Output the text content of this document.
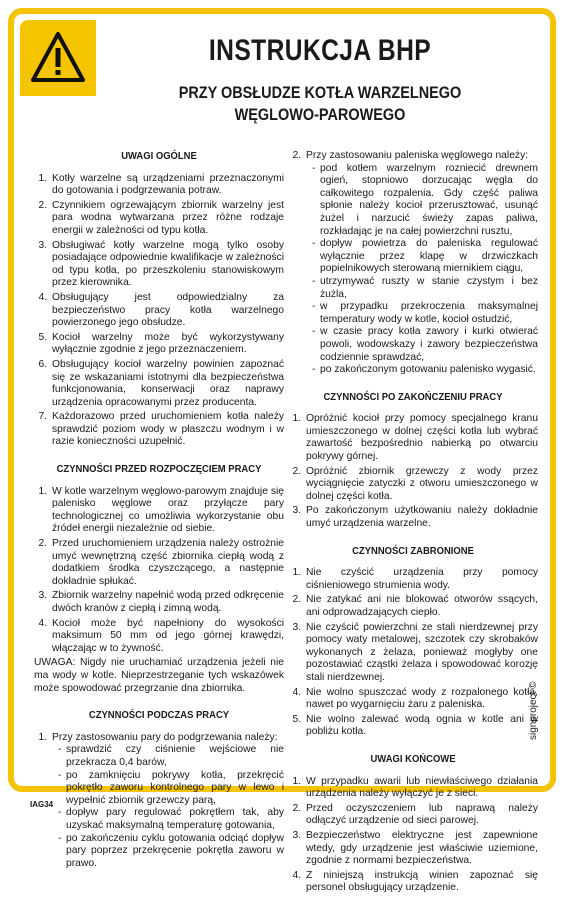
INSTRUKCJA BHP
PRZY OBSŁUDZE KOTŁA WARZELNEGO
WĘGLOWO-PAROWEGO
UWAGI OGÓLNE
1. Kotły warzelne są urządzeniami przeznaczonymi do gotowania i podgrzewania potraw.
2. Czynnikiem ogrzewającym zbiornik warzelny jest para wodna wytwarzana przez różne rodzaje energii w zależności od typu kotła.
3. Obsługiwać kotły warzelne mogą tylko osoby posiadające odpowiednie kwalifikacje w zależności od typu kotła, po przeszkoleniu stanowiskowym przez kierownika.
4. Obsługujący jest odpowiedzialny za bezpieczeństwo pracy kotła warzelnego powierzonego jego obsłudze.
5. Kocioł warzelny może być wykorzystywany wyłącznie zgodnie z jego przeznaczeniem.
6. Obsługujący kocioł warzelny powinien zapoznać się ze wskazaniami istotnymi dla bezpieczeństwa funkcjonowania, konserwacji oraz naprawy urządzenia opracowanymi przez producenta.
7. Każdorazowo przed uruchomieniem kotła należy sprawdzić poziom wody w płaszczu wodnym i w razie konieczności uzupełnić.
CZYNNOŚCI PRZED ROZPOCZĘCIEM PRACY
1. W kotle warzelnym węglowo-parowym znajduje się palenisko węglowe oraz przyłącze pary technologicznej co umożliwia wykorzystanie obu źródeł energii niezależnie od siebie.
2. Przed uruchomieniem urządzenia należy ostrożnie umyć wewnętrzną część zbiornika ciepłą wodą z dodatkiem środka czyszczącego, a następnie dokładnie spłukać.
3. Zbiornik warzelny napełnić wodą przed odkręcenie dwóch kranów z ciepłą i zimną wodą.
4. Kocioł może być napełniony do wysokości maksimum 50 mm od jego górnej krawędzi, włączając w to żywność.

UWAGA: Nigdy nie uruchamiać urządzenia jeżeli nie ma wody w kotle. Nieprzestrzeganie tych wskazówek może spowodować przegrzanie dna zbiornika.

CZYNNOŚCI PODCZAS PRACY
1. Przy zastosowaniu pary do podgrzewania należy:
- sprawdzić czy ciśnienie wejściowe nie przekracza 0,4 barów,
- po zamknięciu pokrywy kotła, przekręcić pokrętło zaworu kontrolnego pary w lewo i wypełnić zbiornik grzewczy parą,
- dopływ pary regulować pokrętłem tak, aby uzyskać maksymalną temperaturę gotowania,
- po zakończeniu cyklu gotowania odciąć dopływ pary poprzez przekręcenie pokrętła zaworu w prawo.
2. Przy zastosowaniu paleniska węglowego należy:
- pod kotłem warzelnym rozniecić drewnem ogień, stopniowo dorzucając węgla do całkowitego rozpalenia. Gdy część paliwa spłonie należy kocioł przerusztować, usunąć żużel i narzucić świeży zapas paliwa, rozkładając je na całej powierzchni rusztu,
- dopływ powietrza do paleniska regulować wyłącznie przez klapę w drzwiczkach popielnikowych sterowaną miernikiem ciągu,
- utrzymywać ruszty w stanie czystym i bez żużla,
- w przypadku przekroczenia maksymalnej temperatury wody w kotle, kocioł ostudzić,
- w czasie pracy kotła zawory i kurki otwierać powoli, wodowskazy i zawory bezpieczeństwa codziennie sprawdzać,
- po zakończonym gotowaniu palenisko wygasić.
CZYNNOŚCI PO ZAKOŃCZENIU PRACY
1. Opróżnić kocioł przy pomocy specjalnego kranu umieszczonego w dolnej części kotła lub wybrać zawartość bezpośrednio nabierką po otwarciu pokrywy górnej.
2. Opróżnić zbiornik grzewczy z wody przez wyciągnięcie zatyczki z otworu umieszczonego w dolnej części kotła.
3. Po zakończonym użytkowaniu należy dokładnie umyć urządzenia warzelne.
CZYNNOŚCI ZABRONIONE
1. Nie czyścić urządzenia przy pomocy ciśnieniowego strumienia wody.
2. Nie zatykać ani nie blokować otworów ssących, ani odprowadzających ciepło.
3. Nie czyścić powierzchni ze stali nierdzewnej przy pomocy waty metalowej, szczotek czy skrobaków wykonanych z żelaza, ponieważ mogłyby one pozostawiać cząstki żelaza i spowodować korozję stali nierdzewnej.
4. Nie wolno spuszczać wody z rozpalonego kotła, nawet po wygarnięciu żaru z paleniska.
5. Nie wolno zalewać wodą ognia w kotle ani w pobliżu kotła.
UWAGI KOŃCOWE
1. W przypadku awarii lub niewłaściwego działania urządzenia należy wyłączyć je z sieci.
2. Przed oczyszczeniem lub naprawą należy odłączyć urządzenie od sieci parowej.
3. Bezpieczeństwo elektryczne jest zapewnione wtedy, gdy urządzenie jest właściwie uziemione, zgodnie z normami bezpieczeństwa.
4. Z niniejszą instrukcją winien zapoznać się personel obsługujący urządzenie.
signproject ©
IAG34
